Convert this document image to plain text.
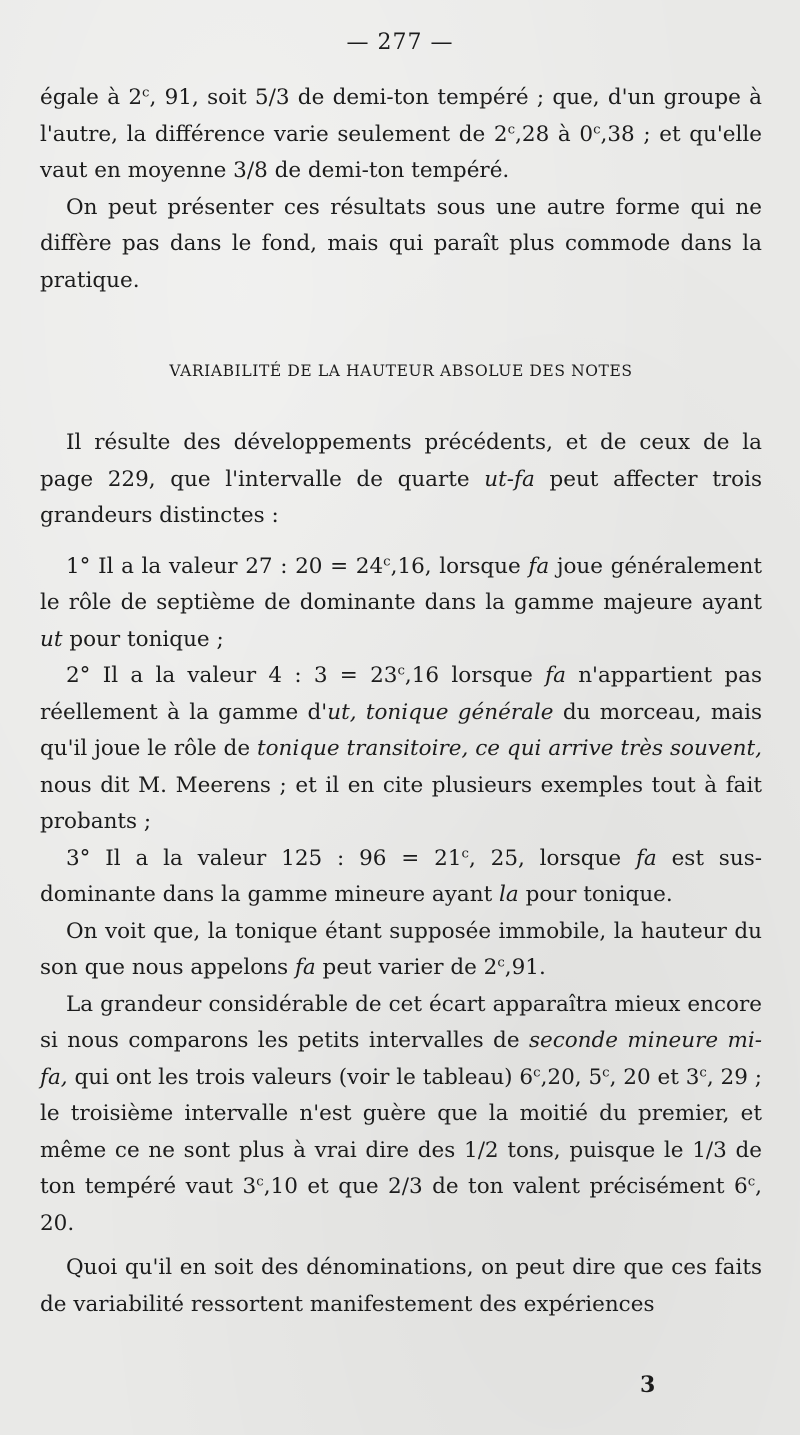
— 277 —

égale à 2$^c$, 91, soit 5/3 de demi-ton tempéré ; que, d'un groupe à l'autre, la différence varie seulement de 2$^c$,28 à 0$^c$,38 ; et qu'elle vaut en moyenne 3/8 de demi-ton tempéré.

On peut présenter ces résultats sous une autre forme qui ne diffère pas dans le fond, mais qui paraît plus commode dans la pratique.

VARIABILITÉ DE LA HAUTEUR ABSOLUE DES NOTES

Il résulte des développements précédents, et de ceux de la page 229, que l'intervalle de quarte ut-fa peut affecter trois grandeurs distinctes :

1° Il a la valeur 27 : $20 = 24^c,16$, lorsque fa joue généralement le rôle de septième de dominante dans la gamme majeure ayant ut pour tonique ;

2° Il a la valeur 4 : $3 = 23^c,16$ lorsque fa n'appartient pas réellement à la gamme d'ut, tonique générale du morceau, mais qu'il joue le rôle de tonique transitoire, ce qui arrive très souvent, nous dit M. Meerens ; et il en cite plusieurs exemples tout à fait probants ;

3° Il a la valeur 125 : $96 = 21^c$, 25, lorsque fa est sus-dominante dans la gamme mineure ayant la pour tonique.

On voit que, la tonique étant supposée immobile, la hauteur du son que nous appelons fa peut varier de 2$^c$,91.

La grandeur considérable de cet écart apparaîtra mieux encore si nous comparons les petits intervalles de seconde mineure mi-fa, qui ont les trois valeurs (voir le tableau) 6$^c$,20, 5$^c$, 20 et 3$^c$, 29 ; le troisième intervalle n'est guère que la moitié du premier, et même ce ne sont plus à vrai dire des 1/2 tons, puisque le 1/3 de ton tempéré vaut 3$^c$,10 et que 2/3 de ton valent précisément 6$^c$, 20.

Quoi qu'il en soit des dénominations, on peut dire que ces faits de variabilité ressortent manifestement des expériences

3
